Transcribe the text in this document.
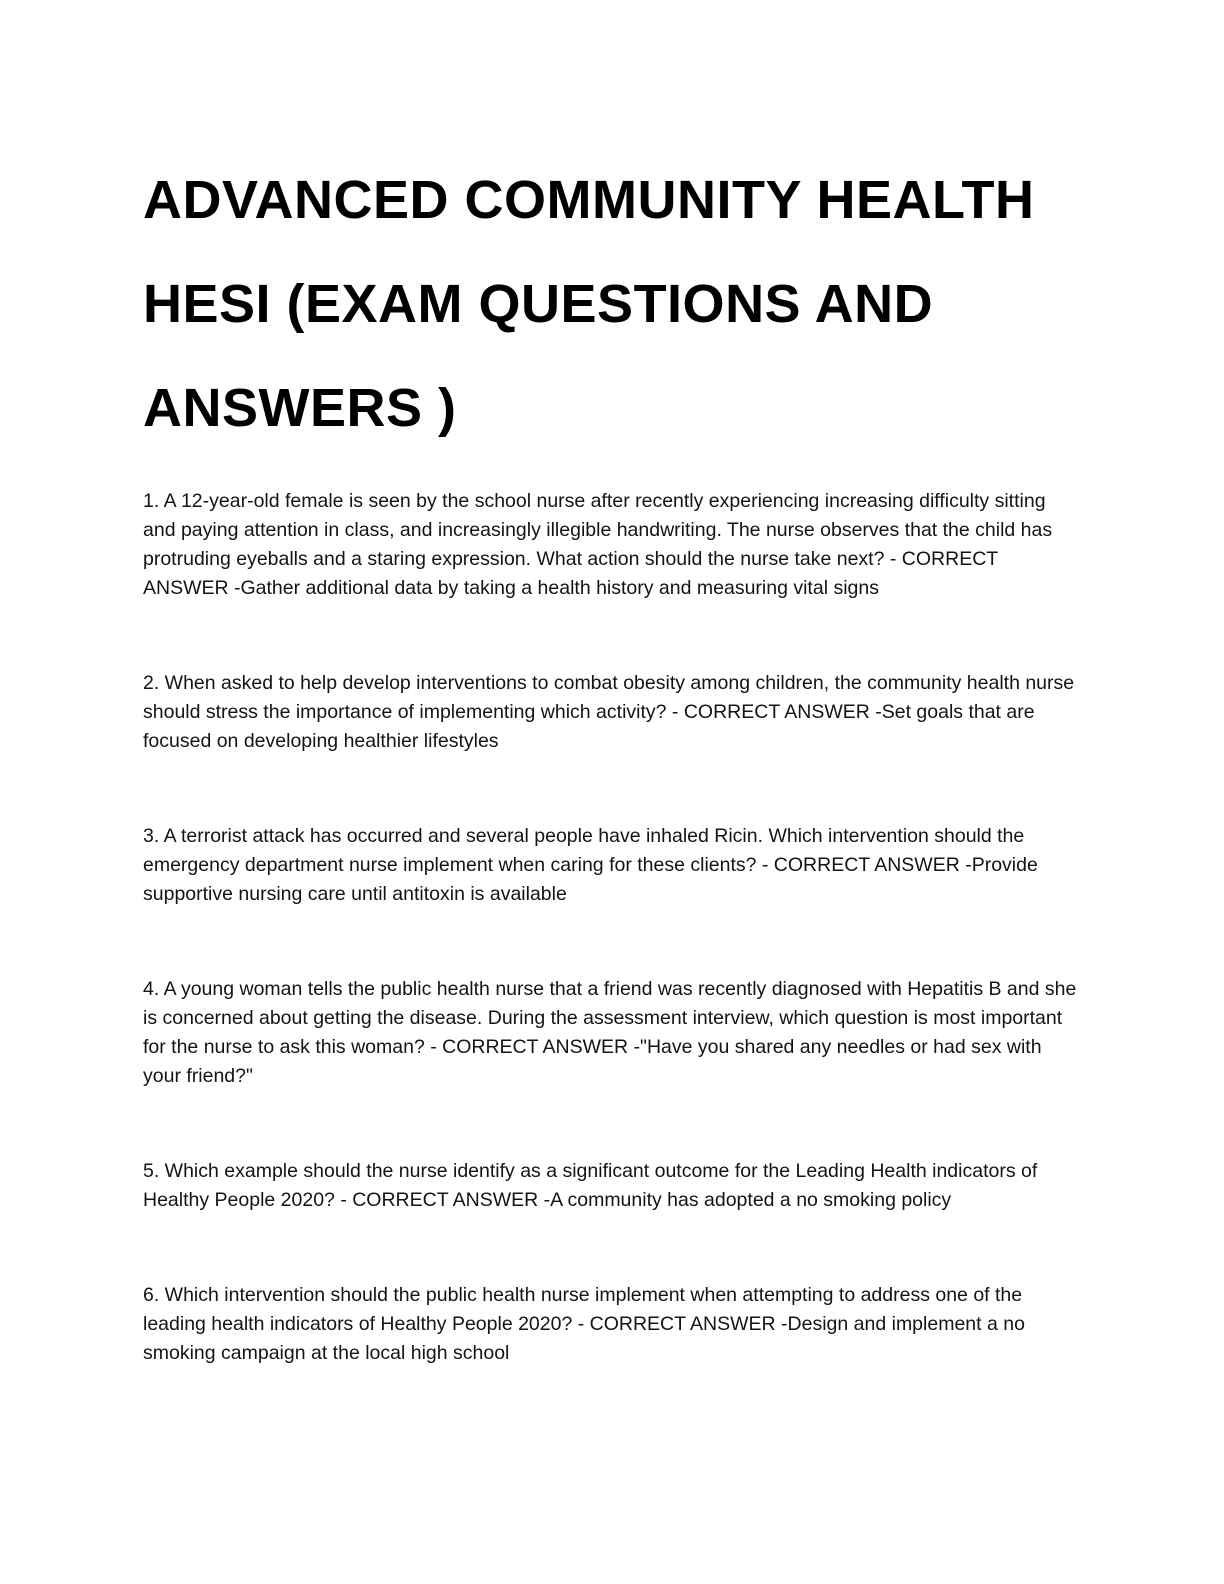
ADVANCED COMMUNITY HEALTH HESI (EXAM QUESTIONS AND ANSWERS )

1. A 12-year-old female is seen by the school nurse after recently experiencing increasing difficulty sitting and paying attention in class, and increasingly illegible handwriting. The nurse observes that the child has protruding eyeballs and a staring expression. What action should the nurse take next? - CORRECT ANSWER -Gather additional data by taking a health history and measuring vital signs

2. When asked to help develop interventions to combat obesity among children, the community health nurse should stress the importance of implementing which activity? - CORRECT ANSWER -Set goals that are focused on developing healthier lifestyles

3. A terrorist attack has occurred and several people have inhaled Ricin. Which intervention should the emergency department nurse implement when caring for these clients? - CORRECT ANSWER -Provide supportive nursing care until antitoxin is available

4. A young woman tells the public health nurse that a friend was recently diagnosed with Hepatitis B and she is concerned about getting the disease. During the assessment interview, which question is most important for the nurse to ask this woman? - CORRECT ANSWER -"Have you shared any needles or had sex with your friend?"

5. Which example should the nurse identify as a significant outcome for the Leading Health indicators of Healthy People 2020? - CORRECT ANSWER -A community has adopted a no smoking policy

6. Which intervention should the public health nurse implement when attempting to address one of the leading health indicators of Healthy People 2020? - CORRECT ANSWER -Design and implement a no smoking campaign at the local high school
